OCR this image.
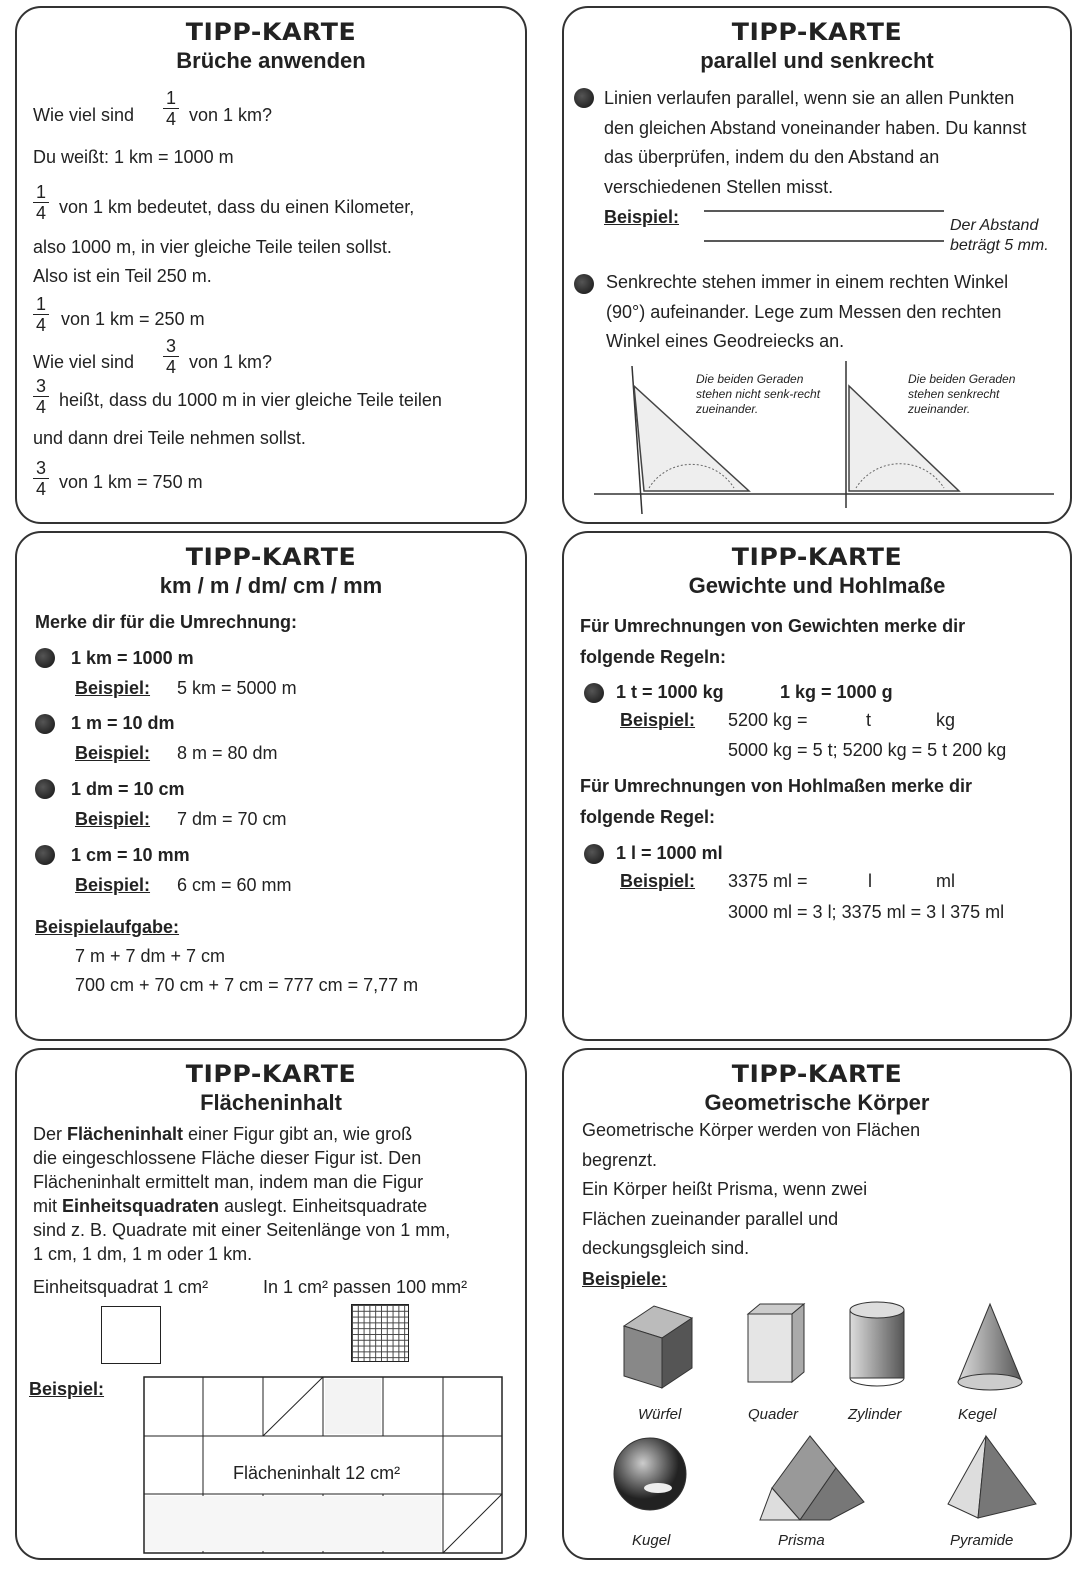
TIPP-KARTE
Brüche anwenden
Wie viel sind $\frac{1}{4}$ von 1 km?
Du weißt: 1 km = 1000 m
$\frac{1}{4}$ von 1 km bedeutet, dass du einen Kilometer,
also 1000 m, in vier gleiche Teile teilen sollst.
Also ist ein Teil 250 m.
$\frac{1}{4}$ von 1 km = 250 m
Wie viel sind $\frac{3}{4}$ von 1 km?
$\frac{3}{4}$ heißt, dass du 1000 m in vier gleiche Teile teilen
und dann drei Teile nehmen sollst.
$\frac{3}{4}$ von 1 km = 750 m
TIPP-KARTE
parallel und senkrecht
Linien verlaufen parallel, wenn sie an allen Punkten den gleichen Abstand voneinander haben. Du kannst das überprüfen, indem du den Abstand an verschiedenen Stellen misst.
Beispiel:	Der Abstand
beträgt 5 mm.
Senkrechte stehen immer in einem rechten Winkel (90°) aufeinander. Lege zum Messen den rechten Winkel eines Geodreiecks an.
Die beiden Geraden stehen nicht senk-recht zueinander.
Die beiden Geraden stehen senkrecht zueinander.
TIPP-KARTE
km / m / dm/ cm / mm
Merke dir für die Umrechnung:
1 km = 1000 m
Beispiel: 5 km = 5000 m
1 m = 10 dm
Beispiel: 8 m = 80 dm
1 dm = 10 cm
Beispiel: 7 dm = 70 cm
1 cm = 10 mm
Beispiel: 6 cm = 60 mm
Beispielaufgabe:
7 m + 7 dm + 7 cm
700 cm + 70 cm + 7 cm = 777 cm = 7,77 m
TIPP-KARTE
Gewichte und Hohlmaße
Für Umrechnungen von Gewichten merke dir
folgende Regeln:
1 t = 1000 kg	1 kg = 1000 g
Beispiel: 5200 kg =	t	kg
5000 kg = 5 t; 5200 kg = 5 t 200 kg
Für Umrechnungen von Hohlmaßen merke dir
folgende Regel:
1 l = 1000 ml
Beispiel: 3375 ml =	l	ml
3000 ml = 3 l; 3375 ml = 3 l 375 ml
TIPP-KARTE
Flächeninhalt
Der Flächeninhalt einer Figur gibt an, wie groß
die eingeschlossene Fläche dieser Figur ist. Den
Flächeninhalt ermittelt man, indem man die Figur
mit Einheitsquadraten auslegt. Einheitsquadrate
sind z. B. Quadrate mit einer Seitenlänge von 1 mm,
1 cm, 1 dm, 1 m oder 1 km.
Einheitsquadrat 1 cm²	In 1 cm² passen 100 mm²
Beispiel:
Flächeninhalt 12 cm²
TIPP-KARTE
Geometrische Körper
Geometrische Körper werden von Flächen
begrenzt.
Ein Körper heißt Prisma, wenn zwei
Flächen zueinander parallel und
deckungsgleich sind.
Beispiele:
Würfel	Quader	Zylinder	Kegel
Kugel	Prisma	Pyramide
